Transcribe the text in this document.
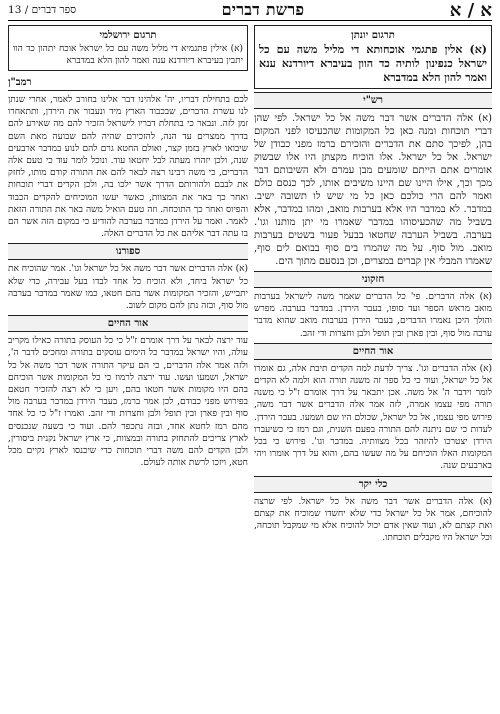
א / א
פרשת דברים
ספר דברים / 13
תרגום יונתן

(א) אלין פתגמי אוכחותא די מליל משה עם כל ישראל כנפינון לותיה כד הוון בעיברא דיורדנא ענא ואמר להון הלא במדברא

רש"י

(א) אלה הדברים אשר דבר משה אל כל ישראל. לפי שהן דברי תוכחות ומנה כאן כל המקומות שהכעיסו לפני המקום בהן, לפיכך סתם את הדברים והזכירם ברמז מפני כבודן של ישראל. אל כל ישראל. אלו הוכיח מקצתן היו אלו שבשוק אומרים אתם הייתם שומעים מבן עמרם ולא השיבותם דבר מכך וכך, אילו היינו שם היינו משיבים אותו, לכך כנסם כולם ואמר להם הרי כולכם כאן כל מי שיש לו תשובה ישיב. במדבר. לא במדבר היו אלא בערבות מואב, ומהו במדבר, אלא בשביל מה שהכעיסוהו במדבר שאמרו מי יתן מותנו וגו'. בערבה. בשביל הערבה שחטאו בבעל פעור בשטים בערבות מואב. מול סוף. על מה שהמרו בים סוף בבואם לים סוף, שאמרו המבלי אין קברים במצרים, וכן בנסעם מתוך הים.

חזקוני

(א) אלה הדברים. פי' כל הדברים שאמר משה לישראל בערבות מואב מראש הספר ועד סופו, בעבר הירדן. במדבר בערבה. מפרש והולך היכן נאמרו הדברים, בעבר הירדן בערבות מואב שהוא מדבר ערבה מול סוף, ובין פארן ובין תופל ולבן וחצרות ודי זהב.

אור החיים

(א) אלה הדברים וגו'. צריך לדעת למה הקדים תיבת אלה, גם אומרו אל כל ישראל, ועוד כי כל ספר זה משנה תורה הוא ולמה לא הקדים לומר וידבר ה' אל משה. אכן יתבאר על דרך אומרם ז"ל כי משנה תורה מפי עצמו אמרה, לזה אמר אלה הדברים אשר דבר משה, פירוש מפי עצמו, אל כל ישראל, שכולם היו שם ושמעו. בעבר הירדן. לעדות כי שם ניתנה להם התורה בפעם השנית, וגם רמז כי כשיעברו הירדן יצטרכו להיזהר בכל מצוותיה. במדבר וגו'. פירוש כי בכל המקומות האלו הוכיחם על מה שעשו בהם, והוא על דרך אומרו ויהי בארבעים שנה.

כלי יקר

(א) אלה הדברים אשר דבר משה אל כל ישראל. לפי שרצה להוכיחם, אמר אל כל ישראל כדי שלא יחשדו שמוכיח את קצתם ואת קצתם לא, ועוד שאין אדם יכול להוכיח אלא מי שמקבל תוכחה, וכל ישראל היו מקבלים תוכחתו.

תרגום ירושלמי

(א) אילין פתגמיא די מליל משה עם כל ישראל אוכח יתהון כד הוו יתבין בעיברא דיורדנא ענה ואמר להון הלא במדברא

רמב"ן

לכם בתחילת דבריו, יה' אלהינו דבר אלינו בחורב לאמר, אחרי שנתן לנו עשרת הדברים, שבכבוד הארץ מיד ונעבור את הירדן, ותתאחרו זמן לזה. ונבאר כי בתחלת דבריו לישראל הזכיר להם מה שאירע להם בדרך ממצרים עד הנה, להזכירם שהיה להם שבועה מאת השם שיבואו לארץ בזמן קצר, ואולם החטא גרם להם לנוע במדבר ארבעים שנה, ולכן יזהרו מעתה לבל יחטאו עוד. ונוכל לומר עוד כי טעם אלה הדברים, כי משה רבינו רצה לבאר להם את התורה קודם מותו, לחזק את לבבם ולהורותם הדרך אשר ילכו בה, ולכן הקדים דברי תוכחות ואחר כך באר את המצוות, כאשר יעשו המוכיחים להקדים הכבוד והפיוס ואחר כך התוכחה. וזה טעם הואיל משה באר את התורה הזאת לאמר. ואמר על הירדן במדבר בערבה להודיע כי במקום הזה אשר הם בו עתה דבר אליהם את כל הדברים האלה.

ספורנו

(א) אלה הדברים אשר דבר משה אל כל ישראל וגו'. אמר שהוכיח את כל ישראל ביחד, ולא הוכיח כל אחד לבדו בעל עבירה, כדי שלא יתבייש, והזכיר המקומות אשר בהם חטאו, כמו שאמר במדבר בערבה מול סוף, ובזה נתן להם מקום לשוב.

אור החיים

עוד ירצה לבאר על דרך אומרם ז"ל כי כל העוסק בתורה כאילו מקריב עולה, והיו ישראל במדבר כל הימים עוסקים בתורה ומחכים לדבר ה', ולזה אמר אלה הדברים, כי הם עיקר התורה אשר דבר משה אל כל ישראל, ושמעו ועשו. עוד ירצה לרמוז כי כל המקומות אשר הוכיחם בהם היו מקומות אשר חטאו בהם, ויען כי לא רצה להזכיר חטאם בפירוש מפני כבודם, לכן אמר ברמז, בעבר הירדן במדבר בערבה מול סוף ובין פארן ובין תופל ולבן וחצרות ודי זהב. ואמרו ז"ל כי כל אחד מהם רמז לחטא אחד, ובזה נתכפר להם. ועוד כי בשעה שנכנסים לארץ צריכים להתחזק בתורה ובמצוות, כי ארץ ישראל נקנית ביסורין, ולכן הקדים להם משה דברי תוכחות כדי שיכנסו לארץ נקיים מכל חטא, ויזכו לרשת אותה לעולם.
